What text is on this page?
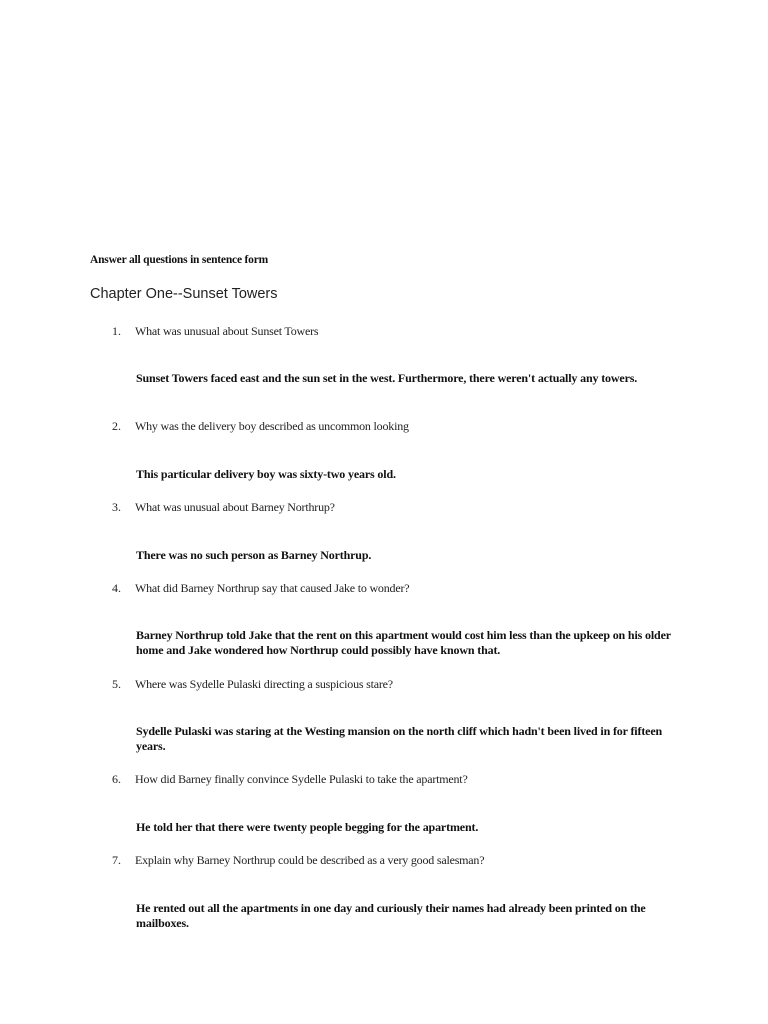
Answer all questions in sentence form
Chapter One--Sunset Towers
1. What was unusual about Sunset Towers
Sunset Towers faced east and the sun set in the west. Furthermore, there weren't actually any towers.
2. Why was the delivery boy described as uncommon looking
This particular delivery boy was sixty-two years old.
3. What was unusual about Barney Northrup?
There was no such person as Barney Northrup.
4. What did Barney Northrup say that caused Jake to wonder?
Barney Northrup told Jake that the rent on this apartment would cost him less than the upkeep on his older home and Jake wondered how Northrup could possibly have known that.
5. Where was Sydelle Pulaski directing a suspicious stare?
Sydelle Pulaski was staring at the Westing mansion on the north cliff which hadn't been lived in for fifteen years.
6. How did Barney finally convince Sydelle Pulaski to take the apartment?
He told her that there were twenty people begging for the apartment.
7. Explain why Barney Northrup could be described as a very good salesman?
He rented out all the apartments in one day and curiously their names had already been printed on the mailboxes.
